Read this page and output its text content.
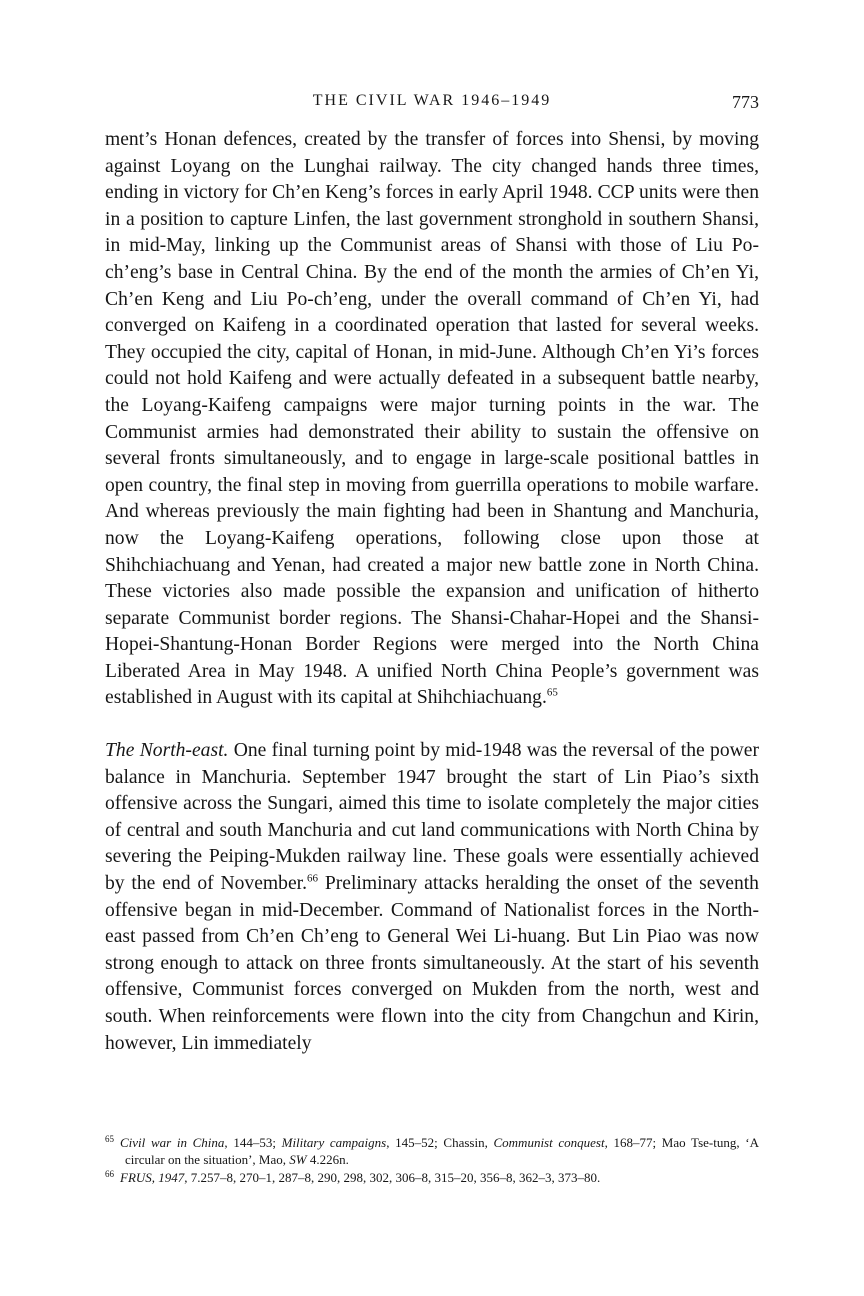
THE CIVIL WAR 1946–1949	773

ment’s Honan defences, created by the transfer of forces into Shensi, by moving against Loyang on the Lunghai railway. The city changed hands three times, ending in victory for Ch’en Keng’s forces in early April 1948. CCP units were then in a position to capture Linfen, the last government stronghold in southern Shansi, in mid-May, linking up the Communist areas of Shansi with those of Liu Po-ch’eng’s base in Central China. By the end of the month the armies of Ch’en Yi, Ch’en Keng and Liu Po-ch’eng, under the overall command of Ch’en Yi, had converged on Kaifeng in a coordinated operation that lasted for several weeks. They occupied the city, capital of Honan, in mid-June. Although Ch’en Yi’s forces could not hold Kaifeng and were actually defeated in a subsequent battle nearby, the Loyang-Kaifeng campaigns were major turning points in the war. The Communist armies had demonstrated their ability to sustain the offensive on several fronts simultaneously, and to engage in large-scale positional battles in open country, the final step in moving from guerrilla operations to mobile warfare. And whereas previously the main fighting had been in Shantung and Manchuria, now the Loyang-Kaifeng operations, following close upon those at Shihchiachuang and Yenan, had created a major new battle zone in North China. These victories also made possible the expansion and unification of hitherto separate Communist border regions. The Shansi-Chahar-Hopei and the Shansi-Hopei-Shantung-Honan Border Regions were merged into the North China Liberated Area in May 1948. A unified North China People’s government was established in August with its capital at Shihchiachuang.$^{65}$

The North-east. One final turning point by mid-1948 was the reversal of the power balance in Manchuria. September 1947 brought the start of Lin Piao’s sixth offensive across the Sungari, aimed this time to isolate completely the major cities of central and south Manchuria and cut land communications with North China by severing the Peiping-Mukden railway line. These goals were essentially achieved by the end of November.$^{66}$ Preliminary attacks heralding the onset of the seventh offensive began in mid-December. Command of Nationalist forces in the North-east passed from Ch’en Ch’eng to General Wei Li-huang. But Lin Piao was now strong enough to attack on three fronts simultaneously. At the start of his seventh offensive, Communist forces converged on Mukden from the north, west and south. When reinforcements were flown into the city from Changchun and Kirin, however, Lin immediately

$^{65}$ Civil war in China, 144–53; Military campaigns, 145–52; Chassin, Communist conquest, 168–77; Mao Tse-tung, ‘A circular on the situation’, Mao, SW 4.226n.

$^{66}$ FRUS, 1947, 7.257–8, 270–1, 287–8, 290, 298, 302, 306–8, 315–20, 356–8, 362–3, 373–80.
